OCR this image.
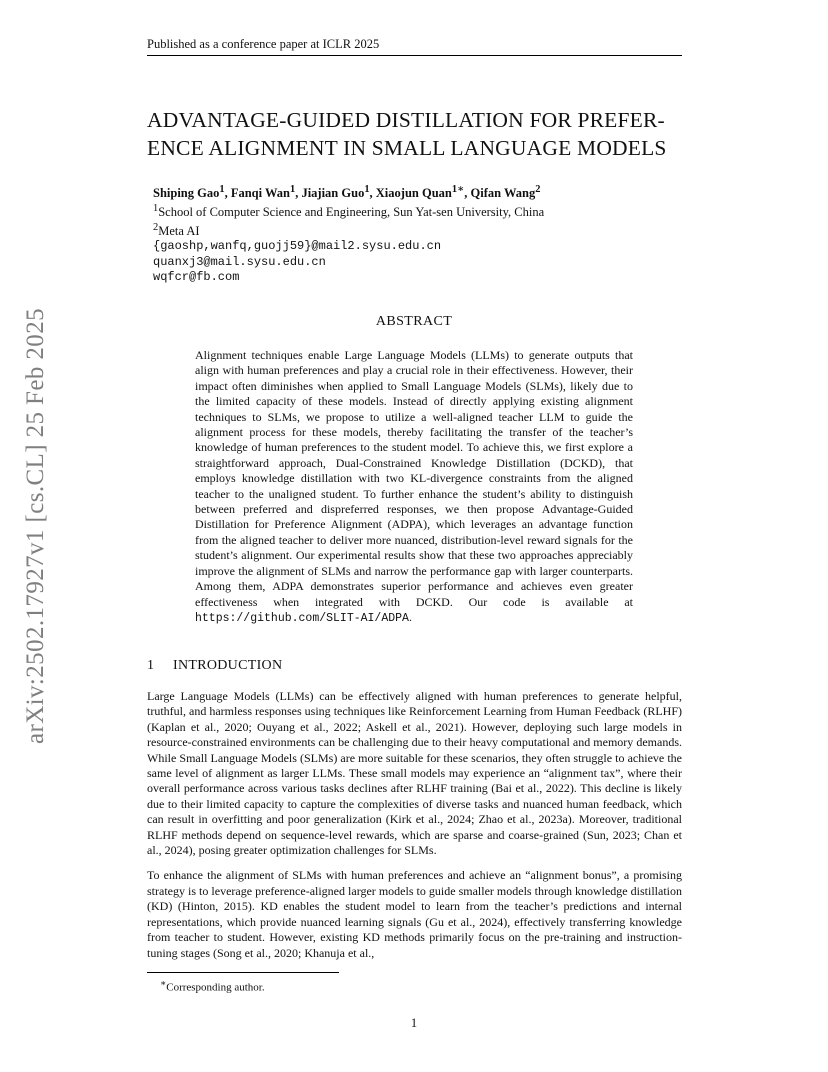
Published as a conference paper at ICLR 2025
arXiv:2502.17927v1 [cs.CL] 25 Feb 2025
ADVANTAGE-GUIDED DISTILLATION FOR PREFER-
ENCE ALIGNMENT IN SMALL LANGUAGE MODELS
Shiping Gao$^1$, Fanqi Wan$^1$, Jiajian Guo$^1$, Xiaojun Quan$^{1∗}$, Qifan Wang$^2$
$^1$School of Computer Science and Engineering, Sun Yat-sen University, China
$^2$Meta AI
{gaoshp,wanfq,guojj59}@mail2.sysu.edu.cn
quanxj3@mail.sysu.edu.cn
wqfcr@fb.com
ABSTRACT
Alignment techniques enable Large Language Models (LLMs) to generate outputs that align with human preferences and play a crucial role in their effectiveness. However, their impact often diminishes when applied to Small Language Models (SLMs), likely due to the limited capacity of these models. Instead of directly applying existing alignment techniques to SLMs, we propose to utilize a well-aligned teacher LLM to guide the alignment process for these models, thereby facilitating the transfer of the teacher’s knowledge of human preferences to the student model. To achieve this, we first explore a straightforward approach, Dual-Constrained Knowledge Distillation (DCKD), that employs knowledge distillation with two KL-divergence constraints from the aligned teacher to the unaligned student. To further enhance the student’s ability to distinguish between preferred and dispreferred responses, we then propose Advantage-Guided Distillation for Preference Alignment (ADPA), which leverages an advantage function from the aligned teacher to deliver more nuanced, distribution-level reward signals for the student’s alignment. Our experimental results show that these two approaches appreciably improve the alignment of SLMs and narrow the performance gap with larger counterparts. Among them, ADPA demonstrates superior performance and achieves even greater effectiveness when integrated with DCKD. Our code is available at https://github.com/SLIT-AI/ADPA.
1 INTRODUCTION

Large Language Models (LLMs) can be effectively aligned with human preferences to generate helpful, truthful, and harmless responses using techniques like Reinforcement Learning from Human Feedback (RLHF) (Kaplan et al., 2020; Ouyang et al., 2022; Askell et al., 2021). However, deploying such large models in resource-constrained environments can be challenging due to their heavy computational and memory demands. While Small Language Models (SLMs) are more suitable for these scenarios, they often struggle to achieve the same level of alignment as larger LLMs. These small models may experience an “alignment tax”, where their overall performance across various tasks declines after RLHF training (Bai et al., 2022). This decline is likely due to their limited capacity to capture the complexities of diverse tasks and nuanced human feedback, which can result in overfitting and poor generalization (Kirk et al., 2024; Zhao et al., 2023a). Moreover, traditional RLHF methods depend on sequence-level rewards, which are sparse and coarse-grained (Sun, 2023; Chan et al., 2024), posing greater optimization challenges for SLMs.

To enhance the alignment of SLMs with human preferences and achieve an “alignment bonus”, a promising strategy is to leverage preference-aligned larger models to guide smaller models through knowledge distillation (KD) (Hinton, 2015). KD enables the student model to learn from the teacher’s predictions and internal representations, which provide nuanced learning signals (Gu et al., 2024), effectively transferring knowledge from teacher to student. However, existing KD methods primarily focus on the pre-training and instruction-tuning stages (Song et al., 2020; Khanuja et al.,

∗Corresponding author.
1
